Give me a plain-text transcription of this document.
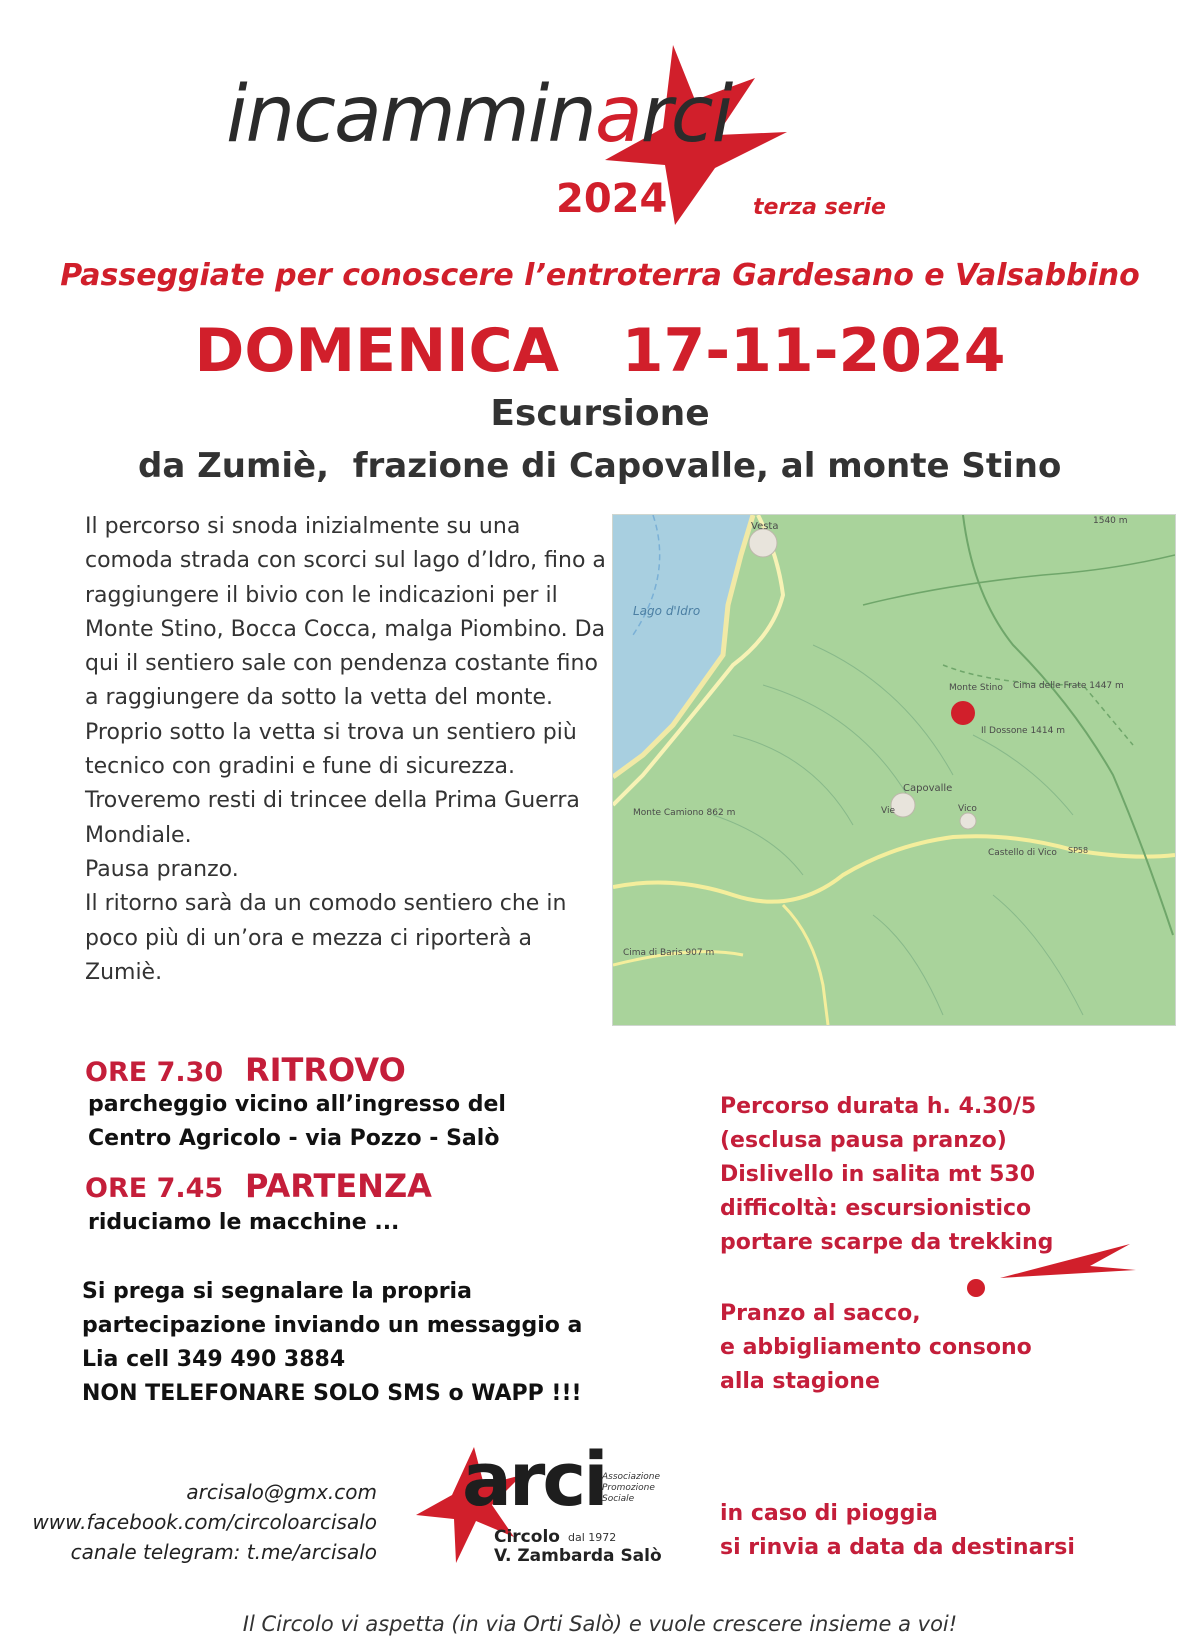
incamminarci
2024	terza serie
Passeggiate per conoscere l’entroterra Gardesano e Valsabbino
DOMENICA   17-11-2024
Escursione
da Zumiè,  frazione di Capovalle, al monte Stino

Il percorso si snoda inizialmente su una comoda strada con scorci sul lago d’Idro, fino a raggiungere il bivio con le indicazioni per il Monte Stino, Bocca Cocca, malga Piombino. Da qui il sentiero sale con pendenza costante fino a raggiungere da sotto la vetta del monte.

Proprio sotto la vetta si trova un sentiero più tecnico con gradini e fune di sicurezza.

Troveremo resti di trincee della Prima Guerra Mondiale.

Pausa pranzo.

Il ritorno sarà da un comodo sentiero che in poco più di un’ora e mezza ci riporterà a Zumiè.

Lago d'Idro
Vesta
Monte Stino Cima delle Frate 1447 m
Il Dossone 1414 m
Capovalle
Vico
Vie
Monte Camiono 862 m
Castello di Vico SP58
Cima di Baris 907 m
1540 m
ORE 7.30 RITROVO
parcheggio vicino all’ingresso del
Centro Agricolo - via Pozzo - Salò
ORE 7.45 PARTENZA
riduciamo le macchine ...
Percorso durata h. 4.30/5
(esclusa pausa pranzo)
Dislivello in salita mt 530
difficoltà: escursionistico
portare scarpe da trekking
Pranzo al sacco,
e abbigliamento consono
alla stagione
Si prega si segnalare la propria
partecipazione inviando un messaggio a
Lia cell 349 490 3884
NON TELEFONARE SOLO SMS o WAPP !!!
arcisalo@gmx.com
www.facebook.com/circoloarcisalo
canale telegram: t.me/arcisalo
arci
Associazione
Promozione
Sociale
Circolo dal 1972
V. Zambarda Salò
in caso di pioggia
si rinvia a data da destinarsi
Il Circolo vi aspetta (in via Orti Salò) e vuole crescere insieme a voi!
